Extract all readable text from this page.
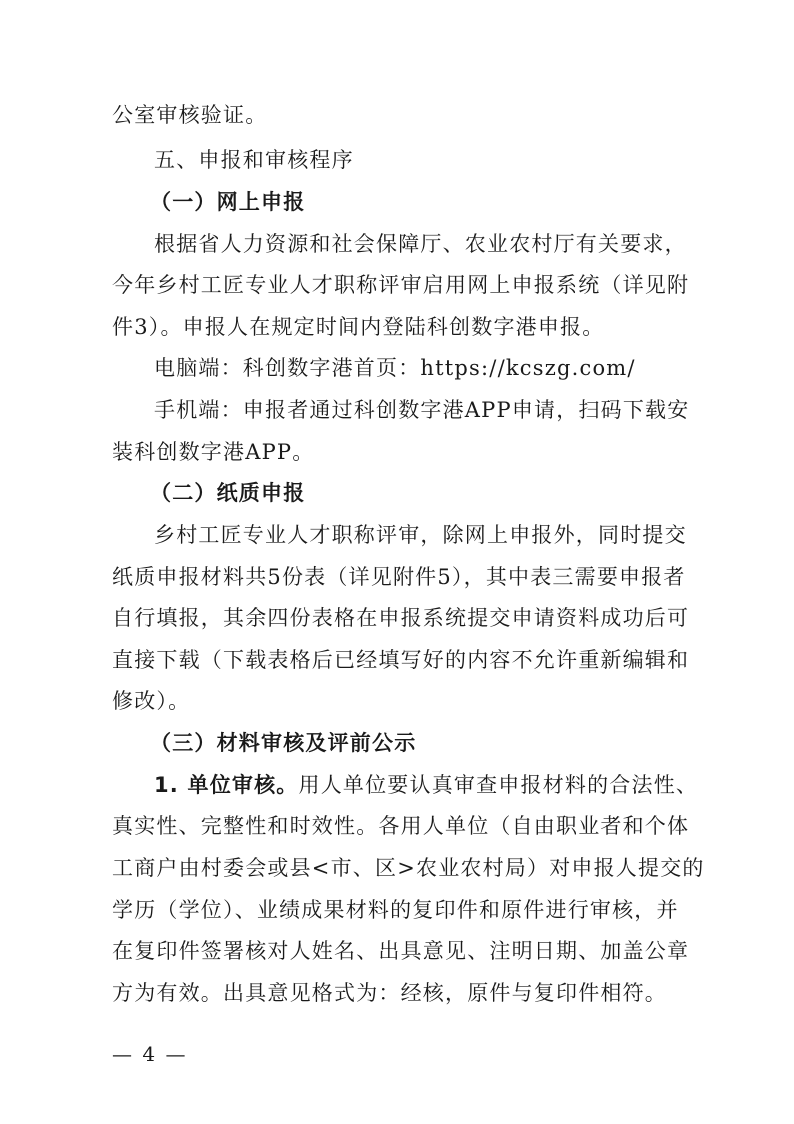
公室审核验证。
五、申报和审核程序
（一）网上申报
根据省人力资源和社会保障厅、农业农村厅有关要求，
今年乡村工匠专业人才职称评审启用网上申报系统（详见附
件3）。申报人在规定时间内登陆科创数字港申报。
电脑端：科创数字港首页：https://kcszg.com/
手机端：申报者通过科创数字港APP申请，扫码下载安
装科创数字港APP。
（二）纸质申报
乡村工匠专业人才职称评审，除网上申报外，同时提交
纸质申报材料共5份表（详见附件5），其中表三需要申报者
自行填报，其余四份表格在申报系统提交申请资料成功后可
直接下载（下载表格后已经填写好的内容不允许重新编辑和
修改）。
（三）材料审核及评前公示
1. 单位审核。用人单位要认真审查申报材料的合法性、
真实性、完整性和时效性。各用人单位（自由职业者和个体
工商户由村委会或县<市、区>农业农村局）对申报人提交的
学历（学位）、业绩成果材料的复印件和原件进行审核，并
在复印件签署核对人姓名、出具意见、注明日期、加盖公章
方为有效。出具意见格式为：经核，原件与复印件相符。
— 4 —
